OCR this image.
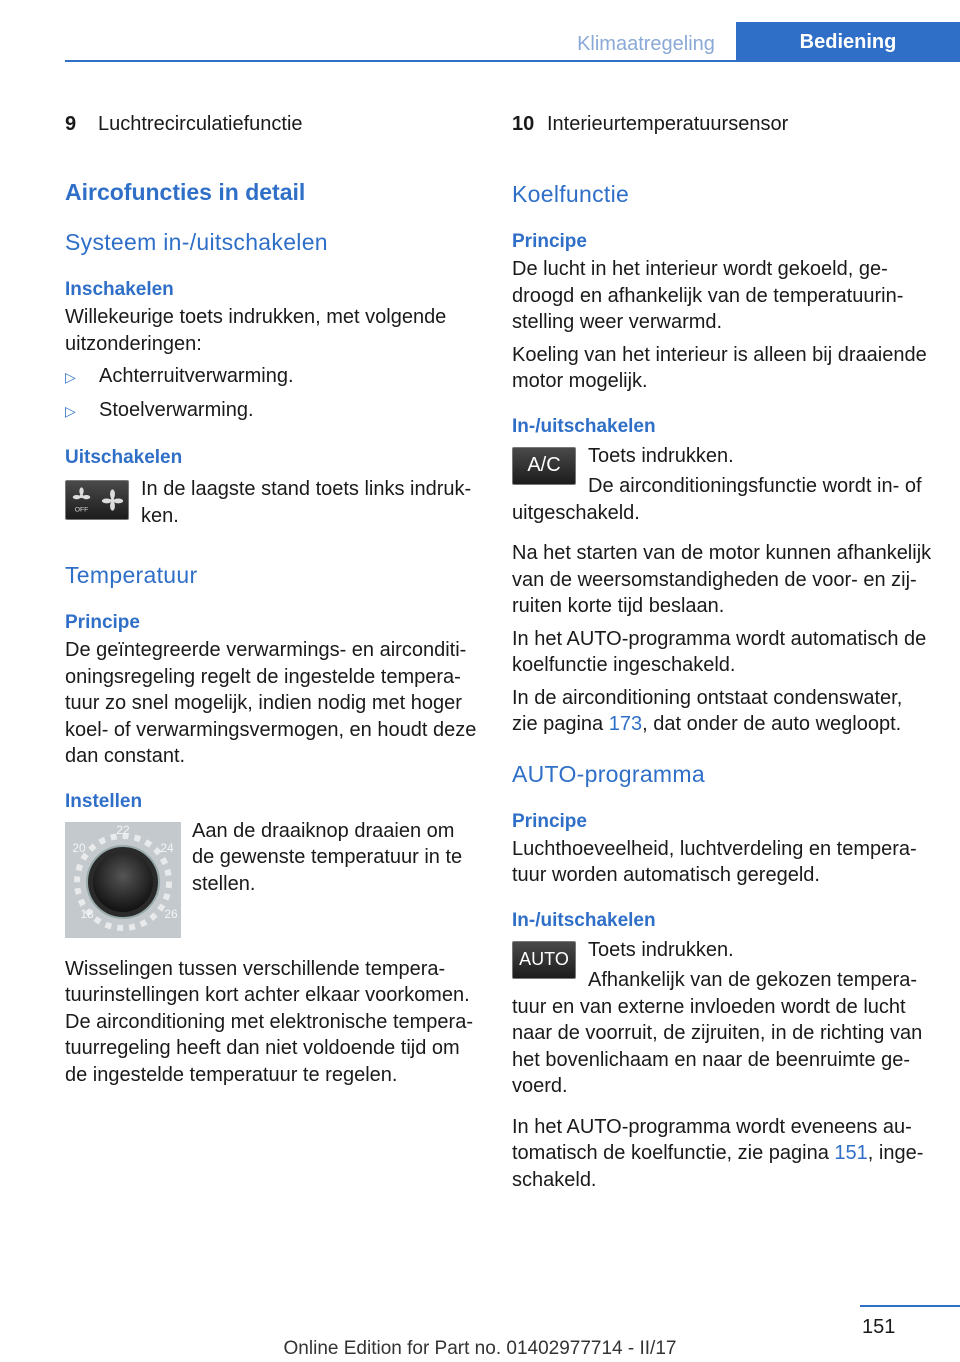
Klimaatregeling	Bediening
9	Luchtrecirculatiefunctie
Aircofuncties in detail
Systeem in-/uitschakelen
Inschakelen

Willekeurige toets indrukken, met volgende uitzonderingen:

▷	Achterruitverwarming.
▷	Stoelverwarming.
Uitschakelen
OFF

In de laagste stand toets links indrukken.

Temperatuur
Principe

De geïntegreerde verwarmings- en airconditioningsregeling regelt de ingestelde temperatuur zo snel mogelijk, indien nodig met hoger koel- of verwarmingsvermogen, en houdt deze dan constant.

Instellen
18
20
22
24
26

Aan de draaiknop draaien om de gewenste temperatuur in te stellen.

Wisselingen tussen verschillende temperatuurinstellingen kort achter elkaar voorkomen. De airconditioning met elektronische temperatuurregeling heeft dan niet voldoende tijd om de ingestelde temperatuur te regelen.

10 Interieurtemperatuursensor
Koelfunctie
Principe

De lucht in het interieur wordt gekoeld, gedroogd en afhankelijk van de temperatuurinstelling weer verwarmd.

Koeling van het interieur is alleen bij draaiende motor mogelijk.

In-/uitschakelen
A/C	Toets indrukken.

De airconditioningsfunctie wordt in- of uitgeschakeld.

Na het starten van de motor kunnen afhankelijk van de weersomstandigheden de voor- en zijruiten korte tijd beslaan.

In het AUTO-programma wordt automatisch de koelfunctie ingeschakeld.

In de airconditioning ontstaat condenswater, zie pagina 173, dat onder de auto wegloopt.

AUTO-programma
Principe

Luchthoeveelheid, luchtverdeling en temperatuur worden automatisch geregeld.

In-/uitschakelen
AUTO Toets indrukken.

Afhankelijk van de gekozen temperatuur en van externe invloeden wordt de lucht naar de voorruit, de zijruiten, in de richting van het bovenlichaam en naar de beenruimte gevoerd.

In het AUTO-programma wordt eveneens automatisch de koelfunctie, zie pagina 151, ingeschakeld.

151
Online Edition for Part no. 01402977714 - II/17
